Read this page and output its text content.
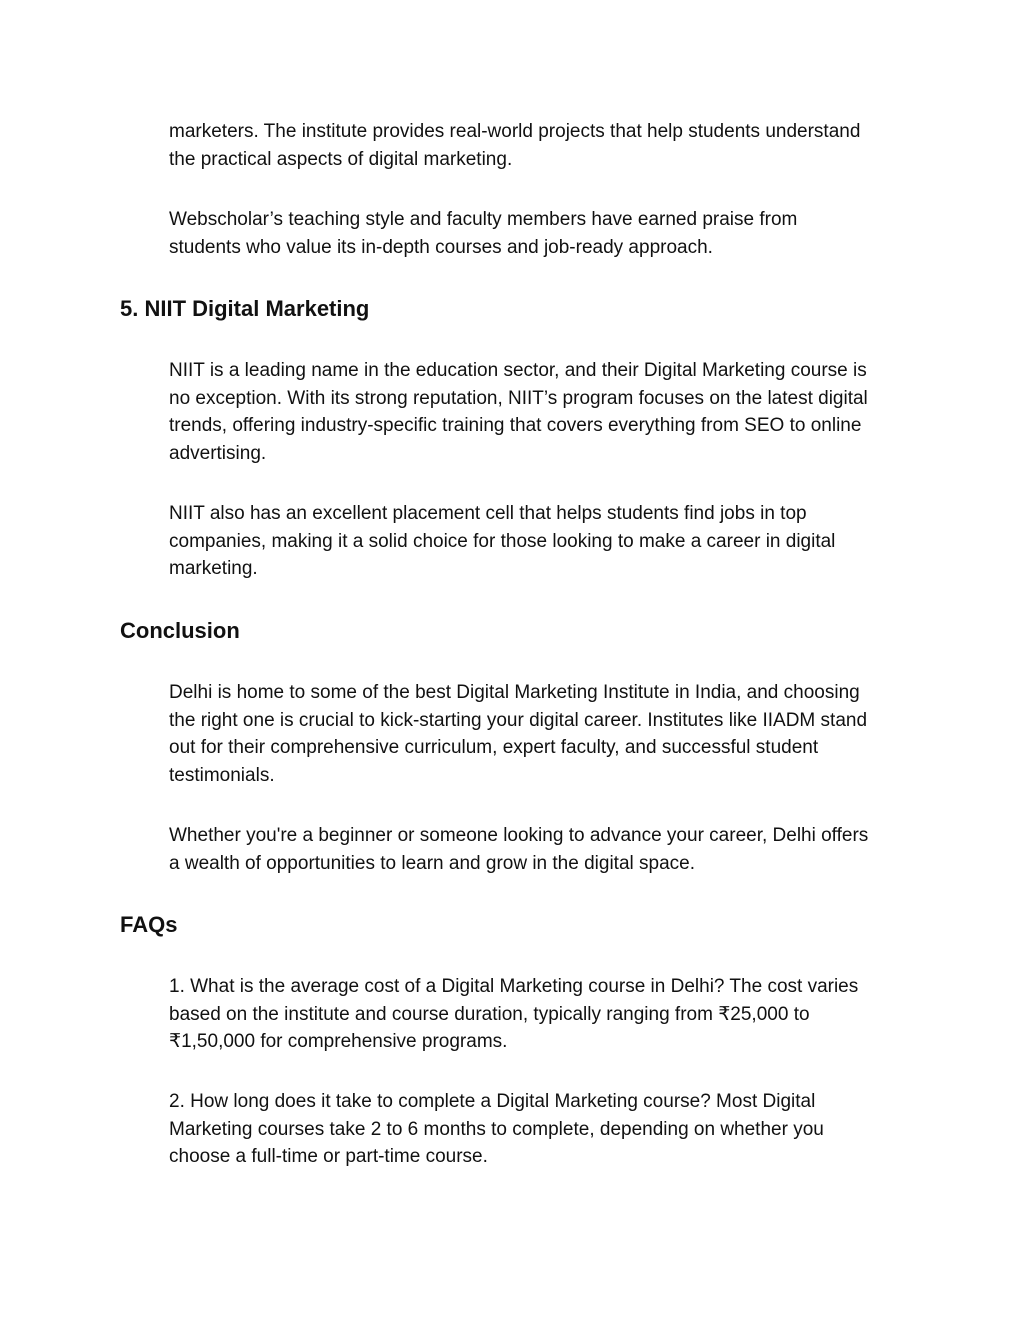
marketers. The institute provides real-world projects that help students understand the practical aspects of digital marketing.

Webscholar’s teaching style and faculty members have earned praise from students who value its in-depth courses and job-ready approach.

5. NIIT Digital Marketing

NIIT is a leading name in the education sector, and their Digital Marketing course is no exception. With its strong reputation, NIIT’s program focuses on the latest digital trends, offering industry-specific training that covers everything from SEO to online advertising.

NIIT also has an excellent placement cell that helps students find jobs in top companies, making it a solid choice for those looking to make a career in digital marketing.

Conclusion

Delhi is home to some of the best Digital Marketing Institute in India, and choosing the right one is crucial to kick-starting your digital career. Institutes like IIADM stand out for their comprehensive curriculum, expert faculty, and successful student testimonials.

Whether you're a beginner or someone looking to advance your career, Delhi offers a wealth of opportunities to learn and grow in the digital space.

FAQs

1. What is the average cost of a Digital Marketing course in Delhi? The cost varies based on the institute and course duration, typically ranging from ₹25,000 to ₹1,50,000 for comprehensive programs.

2. How long does it take to complete a Digital Marketing course? Most Digital Marketing courses take 2 to 6 months to complete, depending on whether you choose a full-time or part-time course.
